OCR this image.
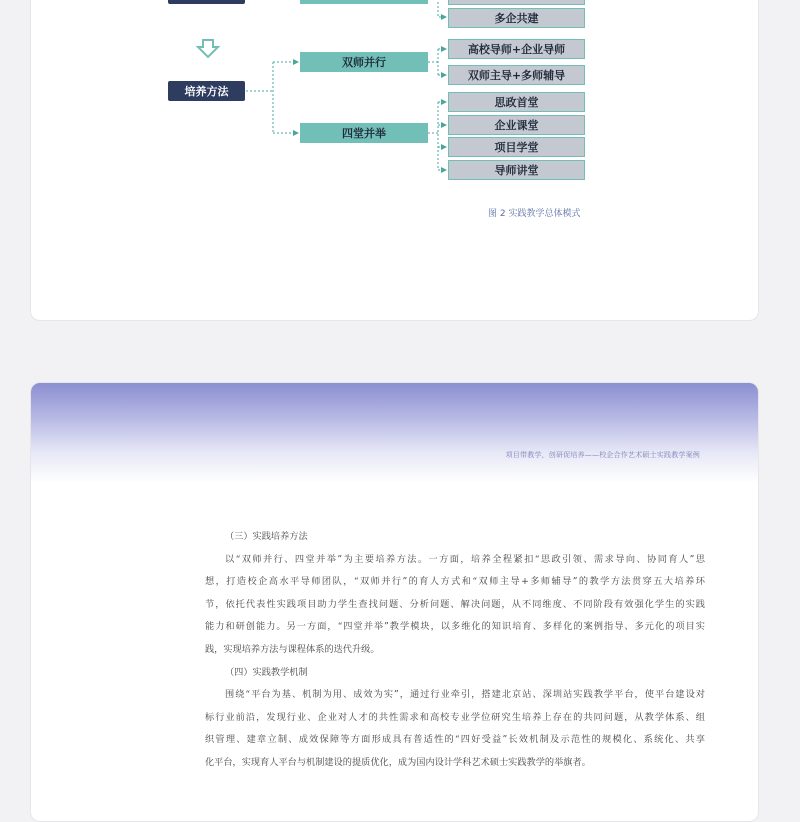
多企共建
培养方法
双师并行
四堂并举
高校导师+企业导师
双师主导+多师辅导
思政首堂
企业课堂
项目学堂
导师讲堂
图 2 实践教学总体模式
项目带教学，创研促培养——校企合作艺术硕士实践教学案例
（三）实践培养方法
以“双师并行、四堂并举”为主要培养方法。一方面，培养全程紧扣“思政引领、需求导向、协同育人”思
想，打造校企高水平导师团队，“双师并行”的育人方式和“双师主导+多师辅导”的教学方法贯穿五大培养环
节，依托代表性实践项目助力学生查找问题、分析问题、解决问题，从不同维度、不同阶段有效强化学生的实践
能力和研创能力。另一方面，“四堂并举”教学模块，以多维化的知识培育、多样化的案例指导、多元化的项目实
践，实现培养方法与课程体系的迭代升级。
（四）实践教学机制
围绕“平台为基、机制为用、成效为实”，通过行业牵引，搭建北京站、深圳站实践教学平台，使平台建设对
标行业前沿，发现行业、企业对人才的共性需求和高校专业学位研究生培养上存在的共同问题，从教学体系、组
织管理、建章立制、成效保障等方面形成具有普适性的“四好受益”长效机制及示范性的规模化、系统化、共享
化平台，实现育人平台与机制建设的提质优化，成为国内设计学科艺术硕士实践教学的举旗者。
